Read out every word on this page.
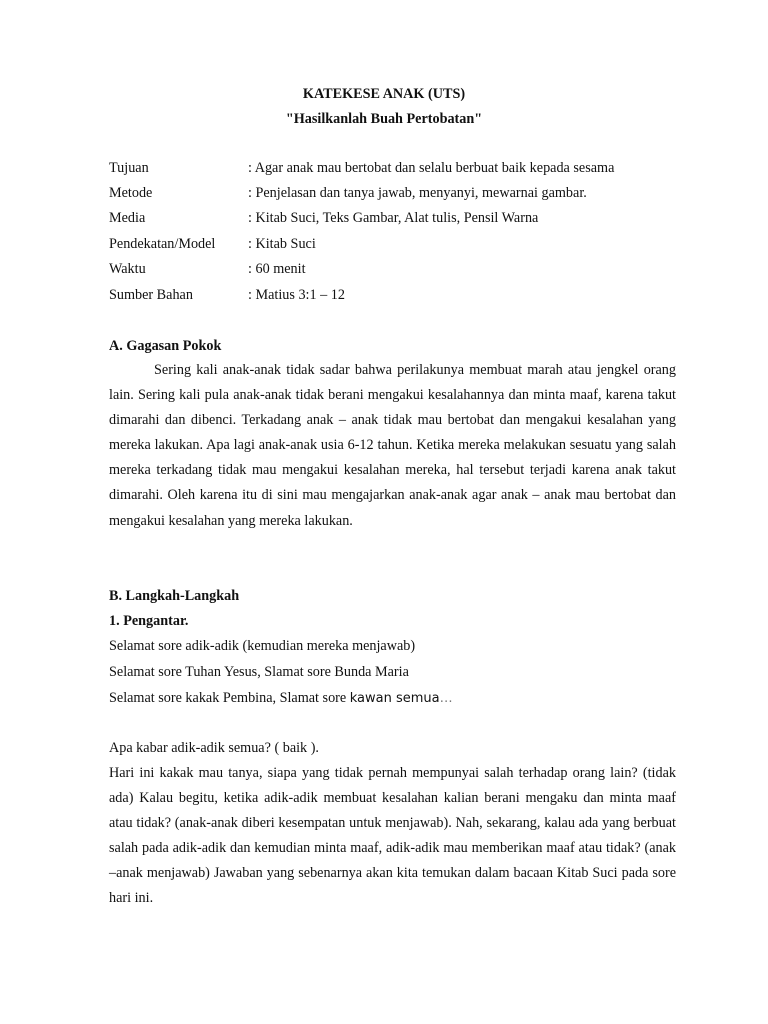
KATEKESE ANAK (UTS)
"Hasilkanlah Buah Pertobatan"
Tujuan	: Agar anak mau bertobat dan selalu berbuat baik kepada sesama
Metode	: Penjelasan dan tanya jawab, menyanyi, mewarnai gambar.
Media	: Kitab Suci, Teks Gambar, Alat tulis, Pensil Warna
Pendekatan/Model : Kitab Suci
Waktu	: 60 menit
Sumber Bahan	: Matius 3:1 – 12
A. Gagasan Pokok

Sering kali anak-anak tidak sadar bahwa perilakunya membuat marah atau jengkel orang lain. Sering kali pula anak-anak tidak berani mengakui kesalahannya dan minta maaf, karena takut dimarahi dan dibenci. Terkadang anak – anak tidak mau bertobat dan mengakui kesalahan yang mereka lakukan. Apa lagi anak-anak usia 6-12 tahun. Ketika mereka melakukan sesuatu yang salah mereka terkadang tidak mau mengakui kesalahan mereka, hal tersebut terjadi karena anak takut dimarahi. Oleh karena itu di sini mau mengajarkan anak-anak agar anak – anak mau bertobat dan mengakui kesalahan yang mereka lakukan.

B. Langkah-Langkah
1. Pengantar.
Selamat sore adik-adik (kemudian mereka menjawab)
Selamat sore Tuhan Yesus, Slamat sore Bunda Maria
Selamat sore kakak Pembina, Slamat sore kawan semua…
Apa kabar adik-adik semua? ( baik ).

Hari ini kakak mau tanya, siapa yang tidak pernah mempunyai salah terhadap orang lain? (tidak ada) Kalau begitu, ketika adik-adik membuat kesalahan kalian berani mengaku dan minta maaf atau tidak? (anak-anak diberi kesempatan untuk menjawab). Nah, sekarang, kalau ada yang berbuat salah pada adik-adik dan kemudian minta maaf, adik-adik mau memberikan maaf atau tidak? (anak –anak menjawab) Jawaban yang sebenarnya akan kita temukan dalam bacaan Kitab Suci pada sore hari ini.
